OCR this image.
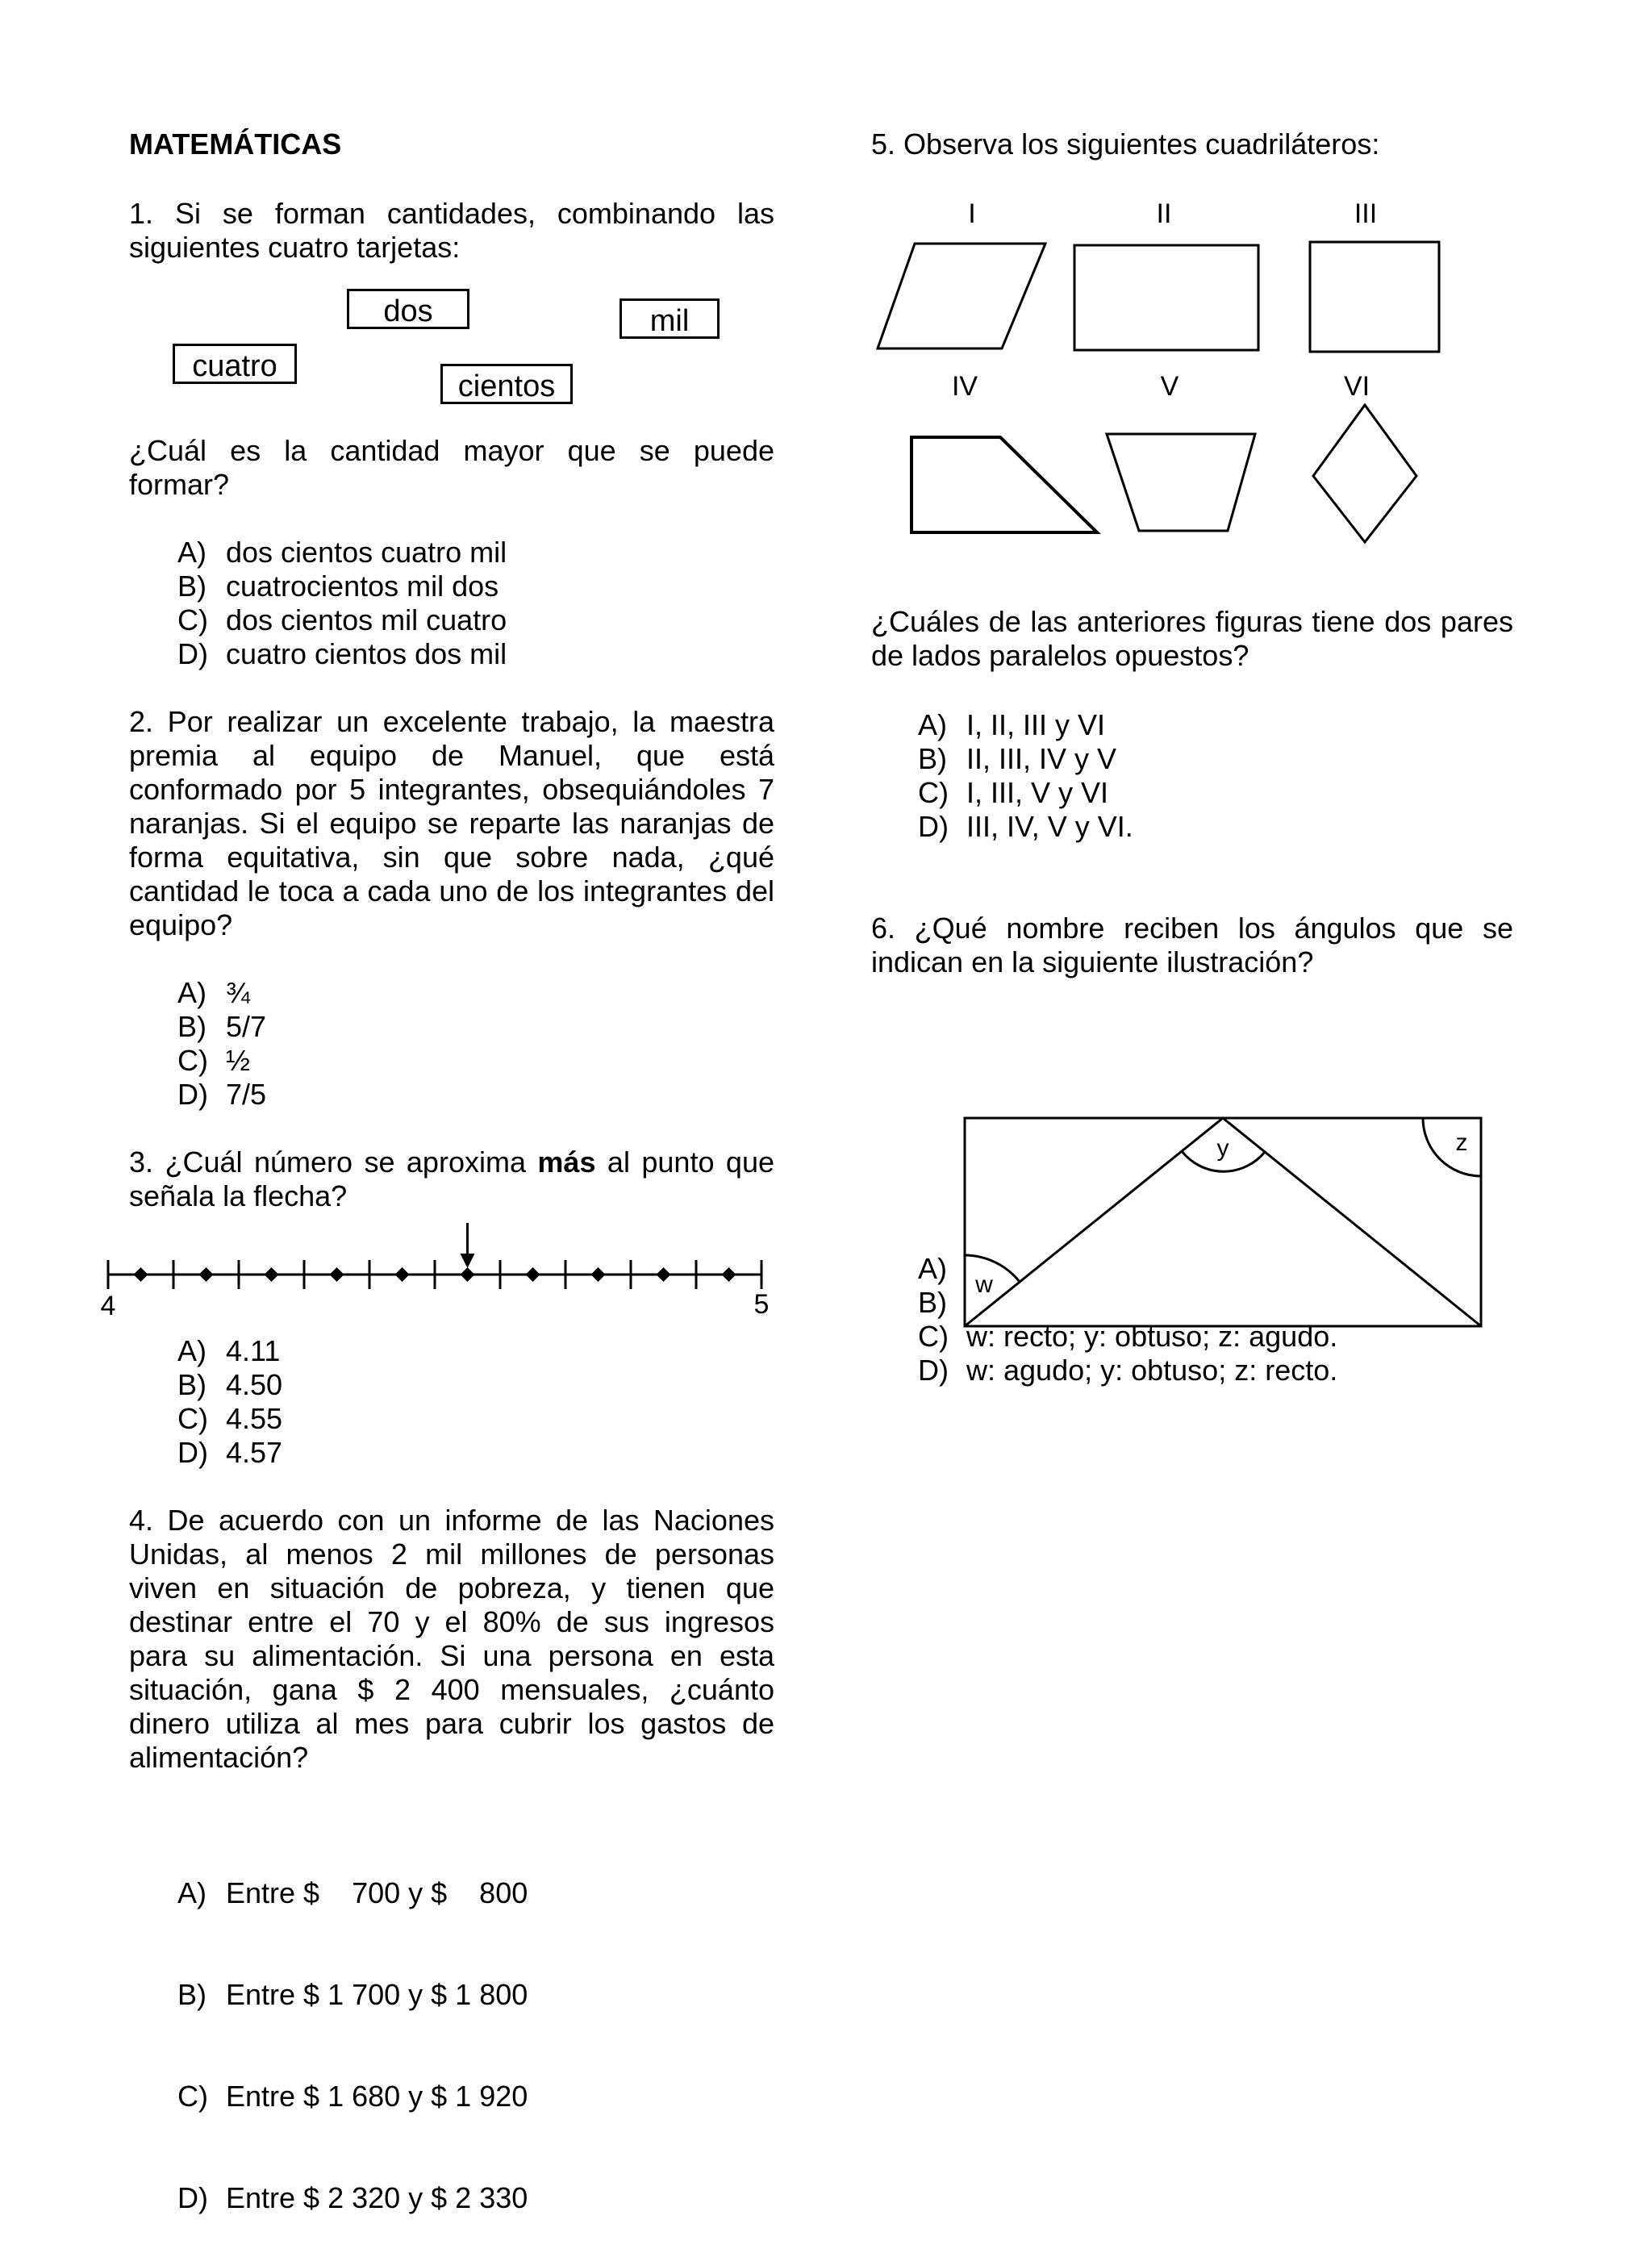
MATEMÁTICAS

1. Si se forman cantidades, combinando las siguientes cuatro tarjetas:

dos	mil
cuatro
cientos

¿Cuál es la cantidad mayor que se puede formar?

A) dos cientos cuatro mil
B) cuatrocientos mil dos
C) dos cientos mil cuatro
D) cuatro cientos dos mil

2. Por realizar un excelente trabajo, la maestra premia al equipo de Manuel, que está conformado por 5 integrantes, obsequiándoles 7 naranjas. Si el equipo se reparte las naranjas de forma equitativa, sin que sobre nada, ¿qué cantidad le toca a cada uno de los integrantes del equipo?

A) ¾
B) 5/7
C) ½
D) 7/5

3. ¿Cuál número se aproxima más al punto que señala la flecha?

4	5
A) 4.11
B) 4.50
C) 4.55
D) 4.57

4. De acuerdo con un informe de las Naciones Unidas, al menos 2 mil millones de personas viven en situación de pobreza, y tienen que destinar entre el 70 y el 80% de sus ingresos para su alimentación. Si una persona en esta situación, gana $ 2 400 mensuales, ¿cuánto dinero utiliza al mes para cubrir los gastos de alimentación?

A) Entre $    700 y $    800

B) Entre $ 1 700 y $ 1 800

C) Entre $ 1 680 y $ 1 920

D) Entre $ 2 320 y $ 2 330

5. Observa los siguientes cuadriláteros:

I	II	III
IV	V	VI

¿Cuáles de las anteriores figuras tiene dos pares de lados paralelos opuestos?

A) I, II, III y VI
B) II, III, IV y V
C) I, III, V y VI
D) III, IV, V y VI.

6. ¿Qué nombre reciben los ángulos que se indican en la siguiente ilustración?

A)
B)
C) w: recto; y: obtuso; z: agudo.
D) w: agudo; y: obtuso; z: recto.
w
y	z
